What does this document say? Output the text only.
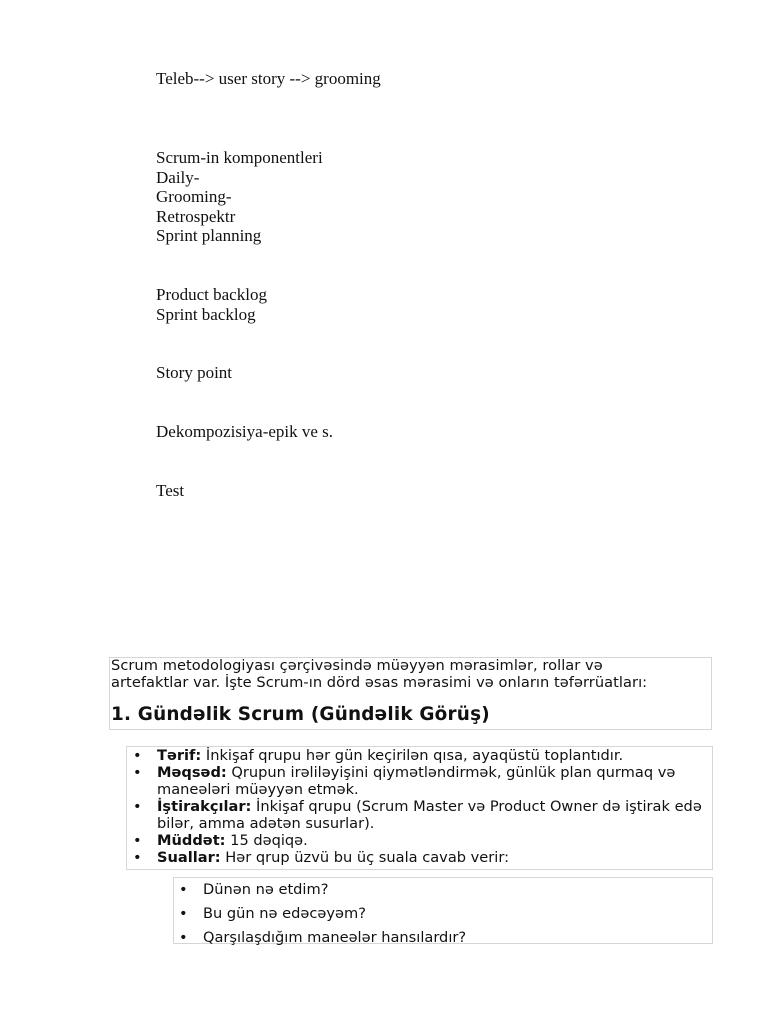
Teleb--> user story --> grooming
Scrum-in komponentleri
Daily-
Grooming-
Retrospektr
Sprint planning
Product backlog
Sprint backlog
Story point
Dekompozisiya-epik ve s.
Test
Scrum metodologiyası çərçivəsində müəyyən mərasimlər, rollar və
artefaktlar var. İşte Scrum-ın dörd əsas mərasimi və onların təfərrüatları:
1. Gündəlik Scrum (Gündəlik Görüş)
• Tərif: İnkişaf qrupu hər gün keçirilən qısa, ayaqüstü toplantıdır.
• Məqsəd: Qrupun irəliləyişini qiymətləndirmək, günlük plan qurmaq və maneələri müəyyən etmək.
• İştirakçılar: İnkişaf qrupu (Scrum Master və Product Owner də iştirak edə bilər, amma adətən susurlar).
• Müddət: 15 dəqiqə.
• Suallar: Hər qrup üzvü bu üç suala cavab verir:
• Dünən nə etdim?
• Bu gün nə edəcəyəm?
• Qarşılaşdığım maneələr hansılardır?
